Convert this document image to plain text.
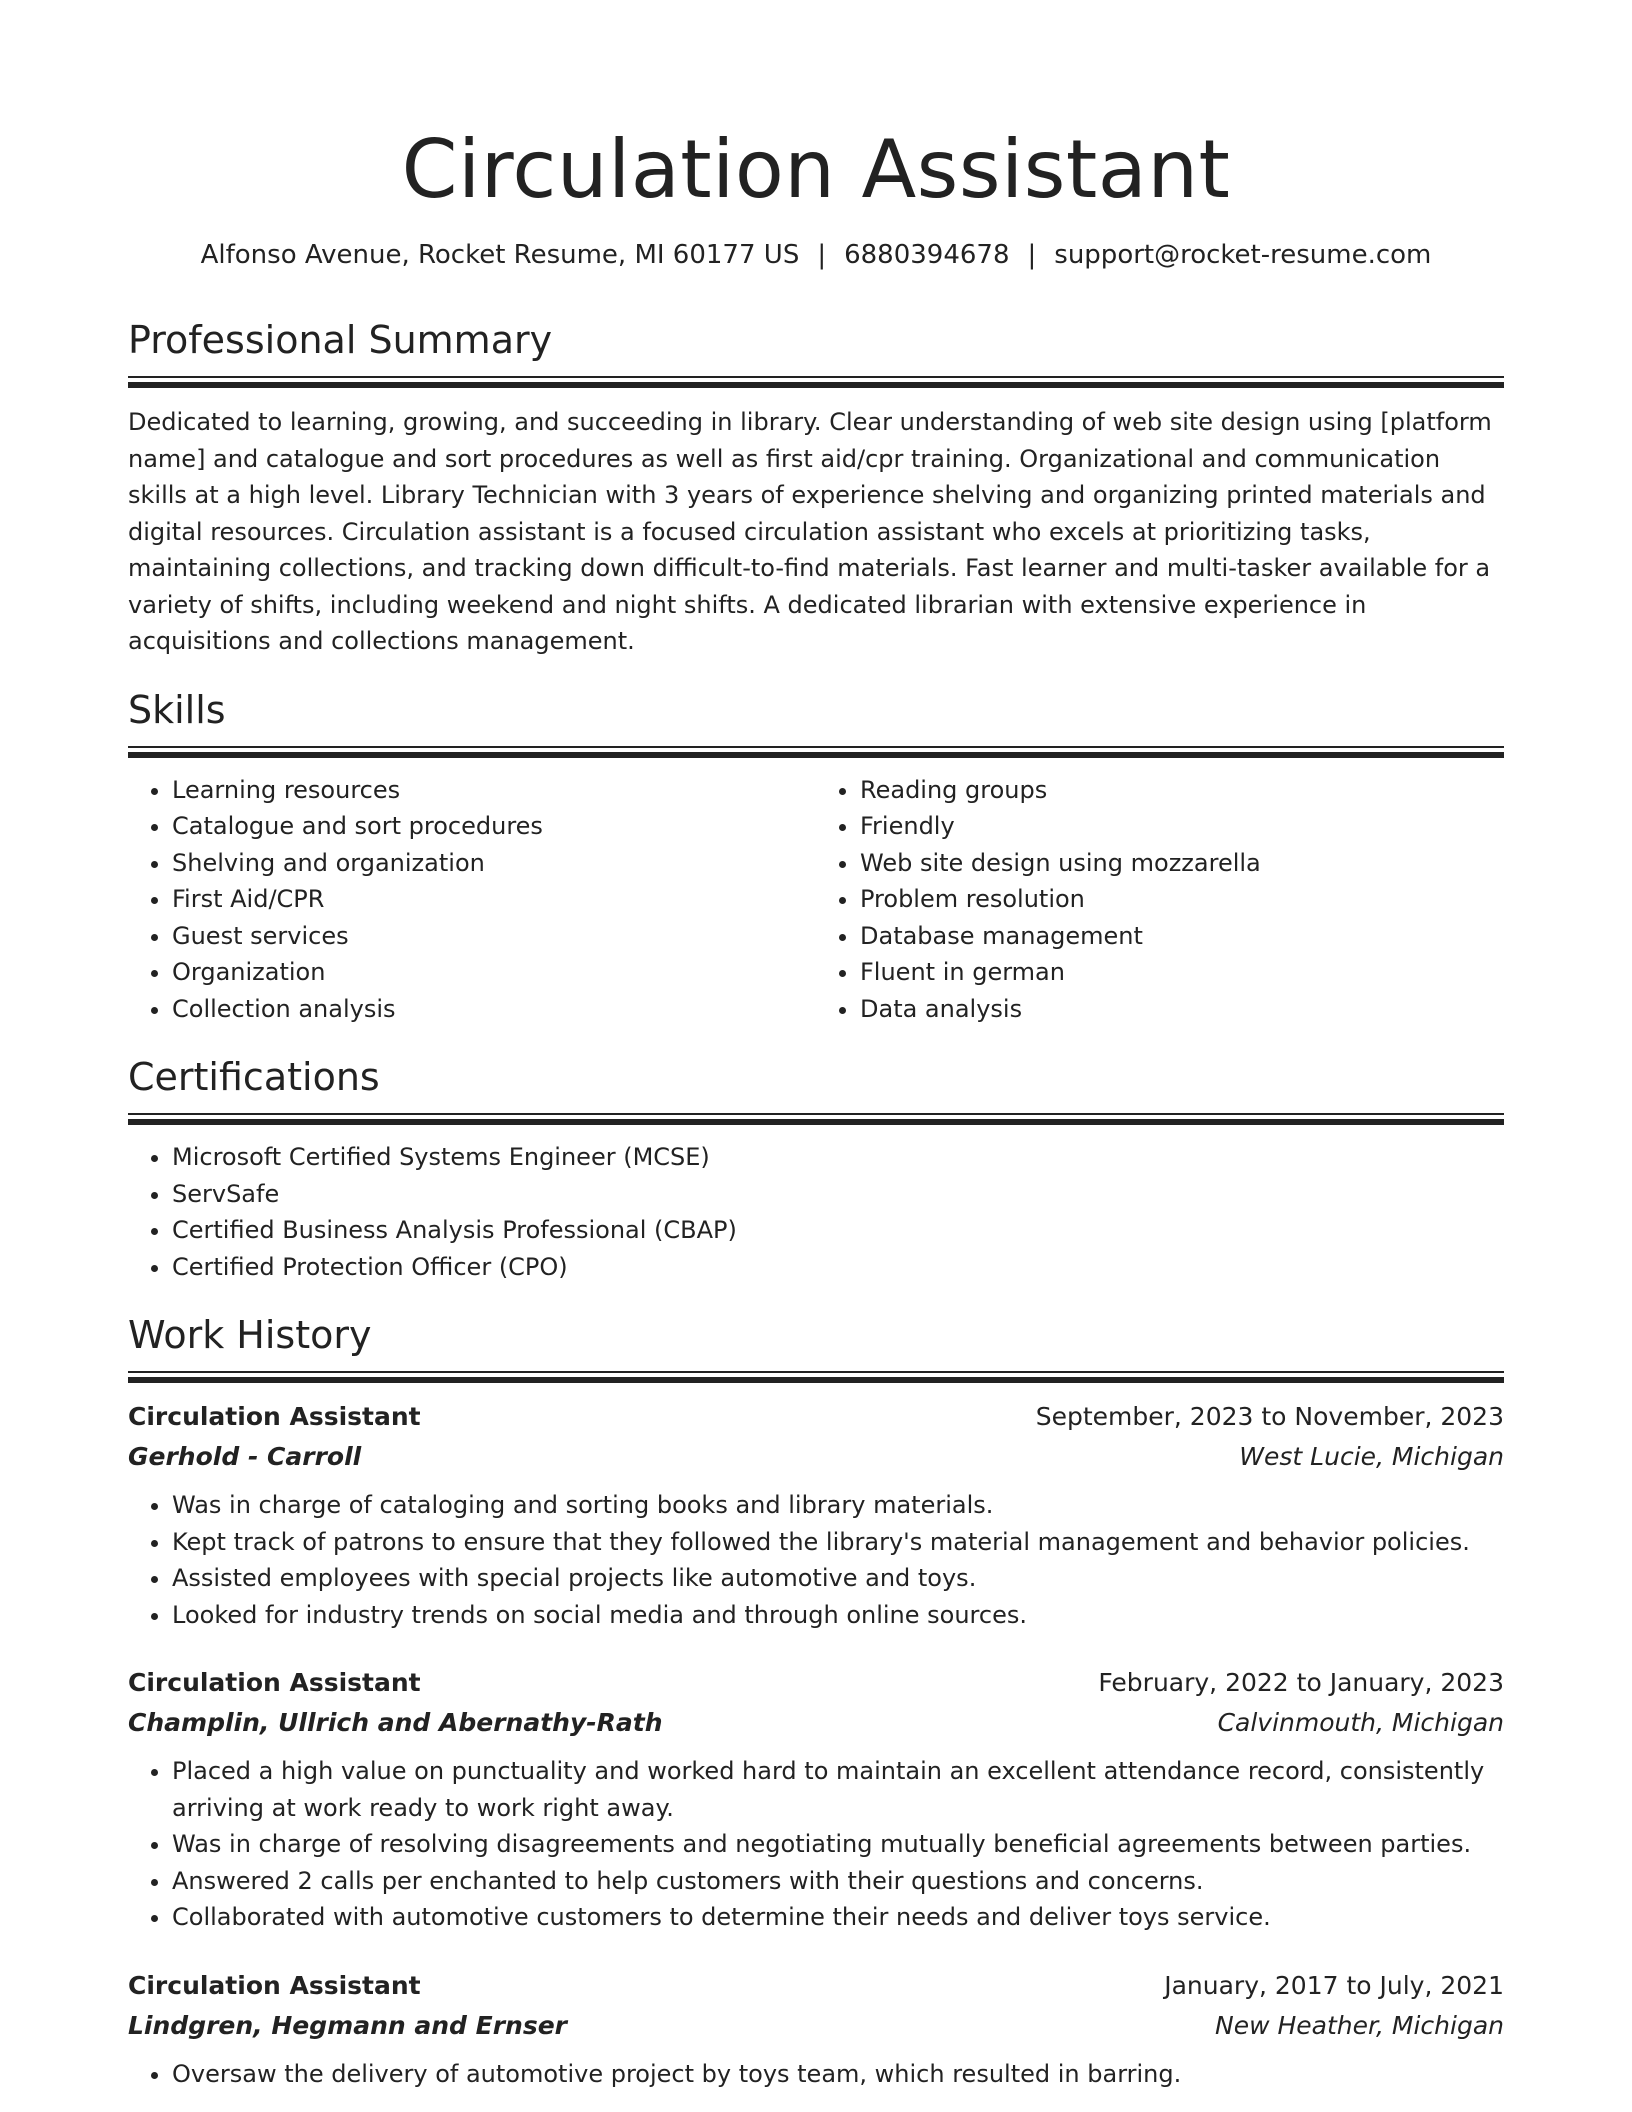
Circulation Assistant
Alfonso Avenue, Rocket Resume, MI 60177 US | 6880394678 | support@rocket-resume.com
Professional Summary

Dedicated to learning, growing, and succeeding in library. Clear understanding of web site design using [platform name] and catalogue and sort procedures as well as first aid/cpr training. Organizational and communication skills at a high level. Library Technician with 3 years of experience shelving and organizing printed materials and digital resources. Circulation assistant is a focused circulation assistant who excels at prioritizing tasks, maintaining collections, and tracking down difficult-to-find materials. Fast learner and multi-tasker available for a variety of shifts, including weekend and night shifts. A dedicated librarian with extensive experience in acquisitions and collections management.

Skills
• Learning resources
• Catalogue and sort procedures
• Shelving and organization
• First Aid/CPR
• Guest services
• Organization
• Collection analysis
• Reading groups
• Friendly
• Web site design using mozzarella
• Problem resolution
• Database management
• Fluent in german
• Data analysis
Certifications
• Microsoft Certified Systems Engineer (MCSE)
• ServSafe
• Certified Business Analysis Professional (CBAP)
• Certified Protection Officer (CPO)
Work History
Circulation Assistant	September, 2023 to November, 2023
Gerhold - Carroll	West Lucie, Michigan
• Was in charge of cataloging and sorting books and library materials.
• Kept track of patrons to ensure that they followed the library's material management and behavior policies.
• Assisted employees with special projects like automotive and toys.
• Looked for industry trends on social media and through online sources.
Circulation Assistant	February, 2022 to January, 2023
Champlin, Ullrich and Abernathy-Rath	Calvinmouth, Michigan
• Placed a high value on punctuality and worked hard to maintain an excellent attendance record, consistently arriving at work ready to work right away.
• Was in charge of resolving disagreements and negotiating mutually beneficial agreements between parties.
• Answered 2 calls per enchanted to help customers with their questions and concerns.
• Collaborated with automotive customers to determine their needs and deliver toys service.
Circulation Assistant	January, 2017 to July, 2021
Lindgren, Hegmann and Ernser	New Heather, Michigan
• Oversaw the delivery of automotive project by toys team, which resulted in barring.
